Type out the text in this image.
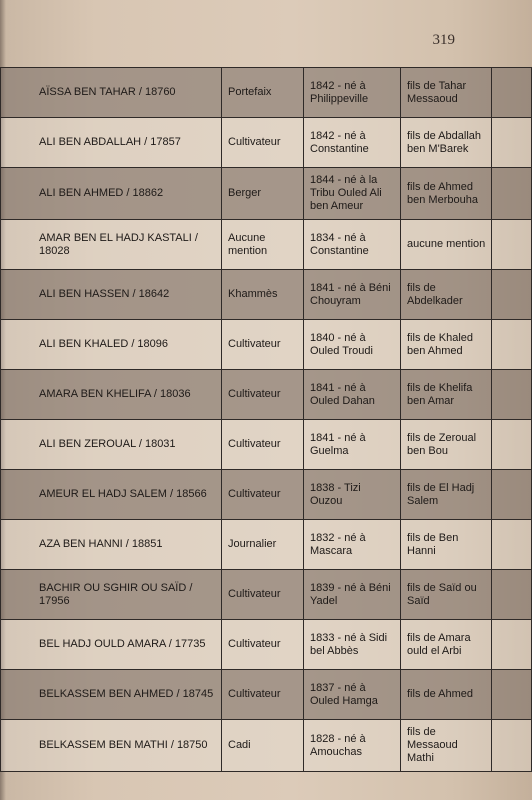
319
AÏSSA BEN TAHAR / 18760	Portefaix	1842 - né à Philippeville	fils de Tahar Messaoud	
ALI BEN ABDALLAH / 17857	Cultivateur	1842 - né à Constantine	fils de Abdallah ben M'Barek	
ALI BEN AHMED / 18862	Berger	1844 - né à la Tribu Ouled Ali ben Ameur	fils de Ahmed ben Merbouha	
AMAR BEN EL HADJ KASTALI / 18028	Aucune mention	1834 - né à Constantine	aucune mention	
ALI BEN HASSEN / 18642	Khammès	1841 - né à Béni Chouyram	fils de Abdelkader	
ALI BEN KHALED / 18096	Cultivateur	1840 - né à Ouled Troudi	fils de Khaled ben Ahmed	
AMARA BEN KHELIFA / 18036	Cultivateur	1841 - né à Ouled Dahan	fils de Khelifa ben Amar	
ALI BEN ZEROUAL / 18031	Cultivateur	1841 - né à Guelma	fils de Zeroual ben Bou	
AMEUR EL HADJ SALEM / 18566	Cultivateur	1838 - Tizi Ouzou	fils de El Hadj Salem	
AZA BEN HANNI / 18851	Journalier	1832 - né à Mascara	fils de Ben Hanni	
BACHIR OU SGHIR OU SAÏD / 17956	Cultivateur	1839 - né à Béni Yadel	fils de Saïd ou Saïd	
BEL HADJ OULD AMARA / 17735	Cultivateur	1833 - né à Sidi bel Abbès	fils de Amara ould el Arbi	
BELKASSEM BEN AHMED / 18745	Cultivateur	1837 - né à Ouled Hamga	fils de Ahmed	
BELKASSEM BEN MATHI / 18750	Cadi	1828 - né à Amouchas	fils de Messaoud Mathi	
